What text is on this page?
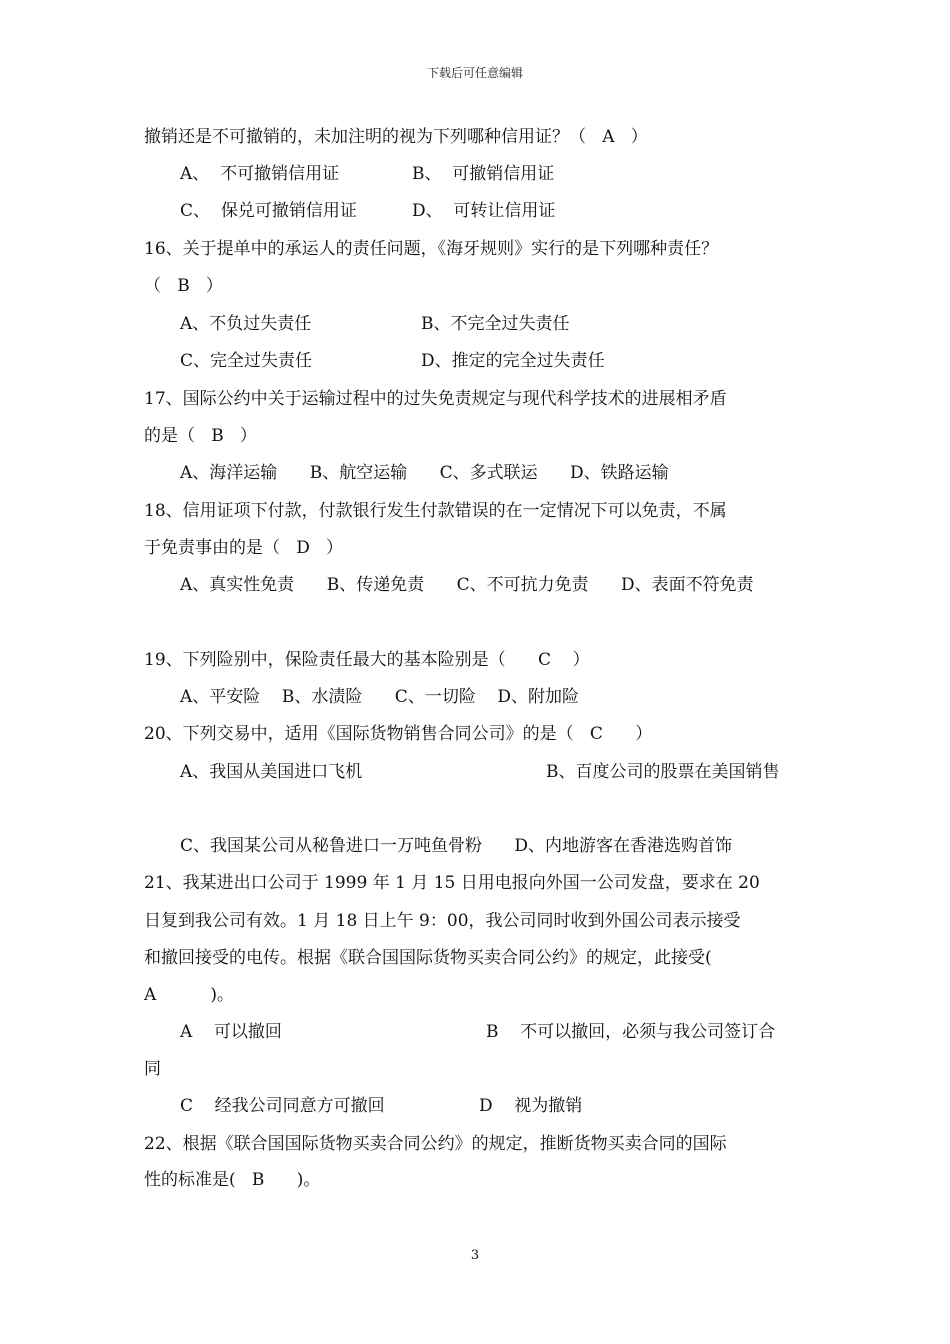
下载后可任意编辑
撤销还是不可撤销的，未加注明的视为下列哪种信用证？（   A   ）
A、  不可撤销信用证	B、  可撤销信用证
C、  保兑可撤销信用证	D、  可转让信用证
16、关于提单中的承运人的责任问题，《海牙规则》实行的是下列哪种责任？
（   B   ）
A、不负过失责任	B、不完全过失责任
C、完全过失责任	D、推定的完全过失责任
17、国际公约中关于运输过程中的过失免责规定与现代科学技术的进展相矛盾
的是（   B   ）
A、海洋运输      B、航空运输      C、多式联运      D、铁路运输
18、信用证项下付款，付款银行发生付款错误的在一定情况下可以免责，不属
于免责事由的是（   D   ）
A、真实性免责      B、传递免责      C、不可抗力免责      D、表面不符免责
19、下列险别中，保险责任最大的基本险别是（      C    ）
A、平安险    B、水渍险      C、一切险    D、附加险
20、下列交易中，适用《国际货物销售合同公司》的是（   C      ）
A、我国从美国进口飞机	B、百度公司的股票在美国销售
C、我国某公司从秘鲁进口一万吨鱼骨粉      D、内地游客在香港选购首饰
21、我某进出口公司于 1999 年 1 月 15 日用电报向外国一公司发盘，要求在 20
日复到我公司有效。1 月 18 日上午 9：00，我公司同时收到外国公司表示接受
和撤回接受的电传。根据《联合国国际货物买卖合同公约》的规定，此接受(
A          )。
A    可以撤回	B    不可以撤回，必须与我公司签订合
同
C    经我公司同意方可撤回	D    视为撤销
22、根据《联合国国际货物买卖合同公约》的规定，推断货物买卖合同的国际
性的标准是(   B      )。
3
